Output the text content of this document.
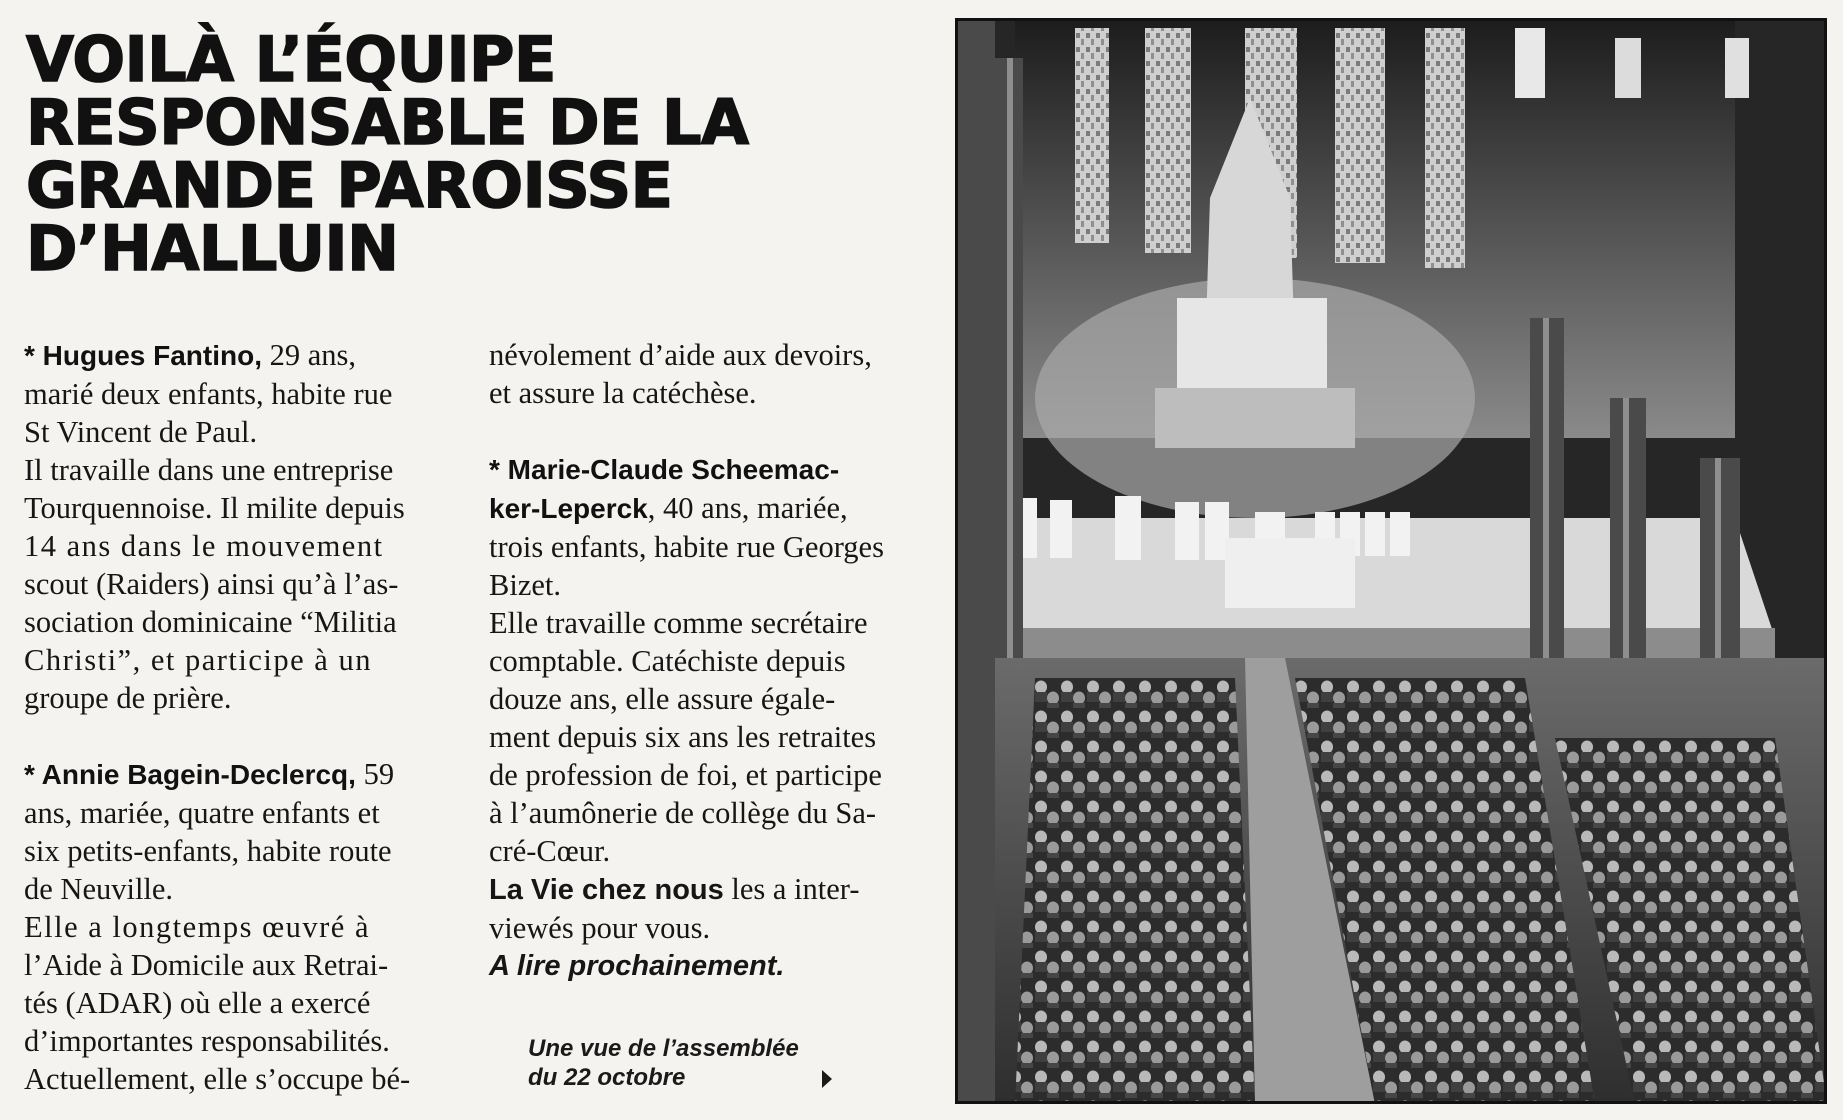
VOILÀ L’ÉQUIPE
RESPONSABLE DE LA
GRANDE PAROISSE
D’HALLUIN

* Hugues Fantino, 29 ans,

marié deux enfants, habite rue

St Vincent de Paul.

Il travaille dans une entreprise

Tourquennoise. Il milite depuis

14 ans dans le mouvement

scout (Raiders) ainsi qu’à l’as-

sociation dominicaine “Militia

Christi”, et participe à un

groupe de prière.

* Annie Bagein-Declercq, 59

ans, mariée, quatre enfants et

six petits-enfants, habite route

de Neuville.

Elle a longtemps œuvré à

l’Aide à Domicile aux Retrai-

tés (ADAR) où elle a exercé

d’importantes responsabilités.

Actuellement, elle s’occupe bé-

névolement d’aide aux devoirs,

et assure la catéchèse.

* Marie-Claude Scheemac-

ker-Leperck, 40 ans, mariée,

trois enfants, habite rue Georges

Bizet.

Elle travaille comme secrétaire

comptable. Catéchiste depuis

douze ans, elle assure égale-

ment depuis six ans les retraites

de profession de foi, et participe

à l’aumônerie de collège du Sa-

cré-Cœur.

La Vie chez nous les a inter-

viewés pour vous.

A lire prochainement.

Une vue de l’assemblée
du 22 octobre
